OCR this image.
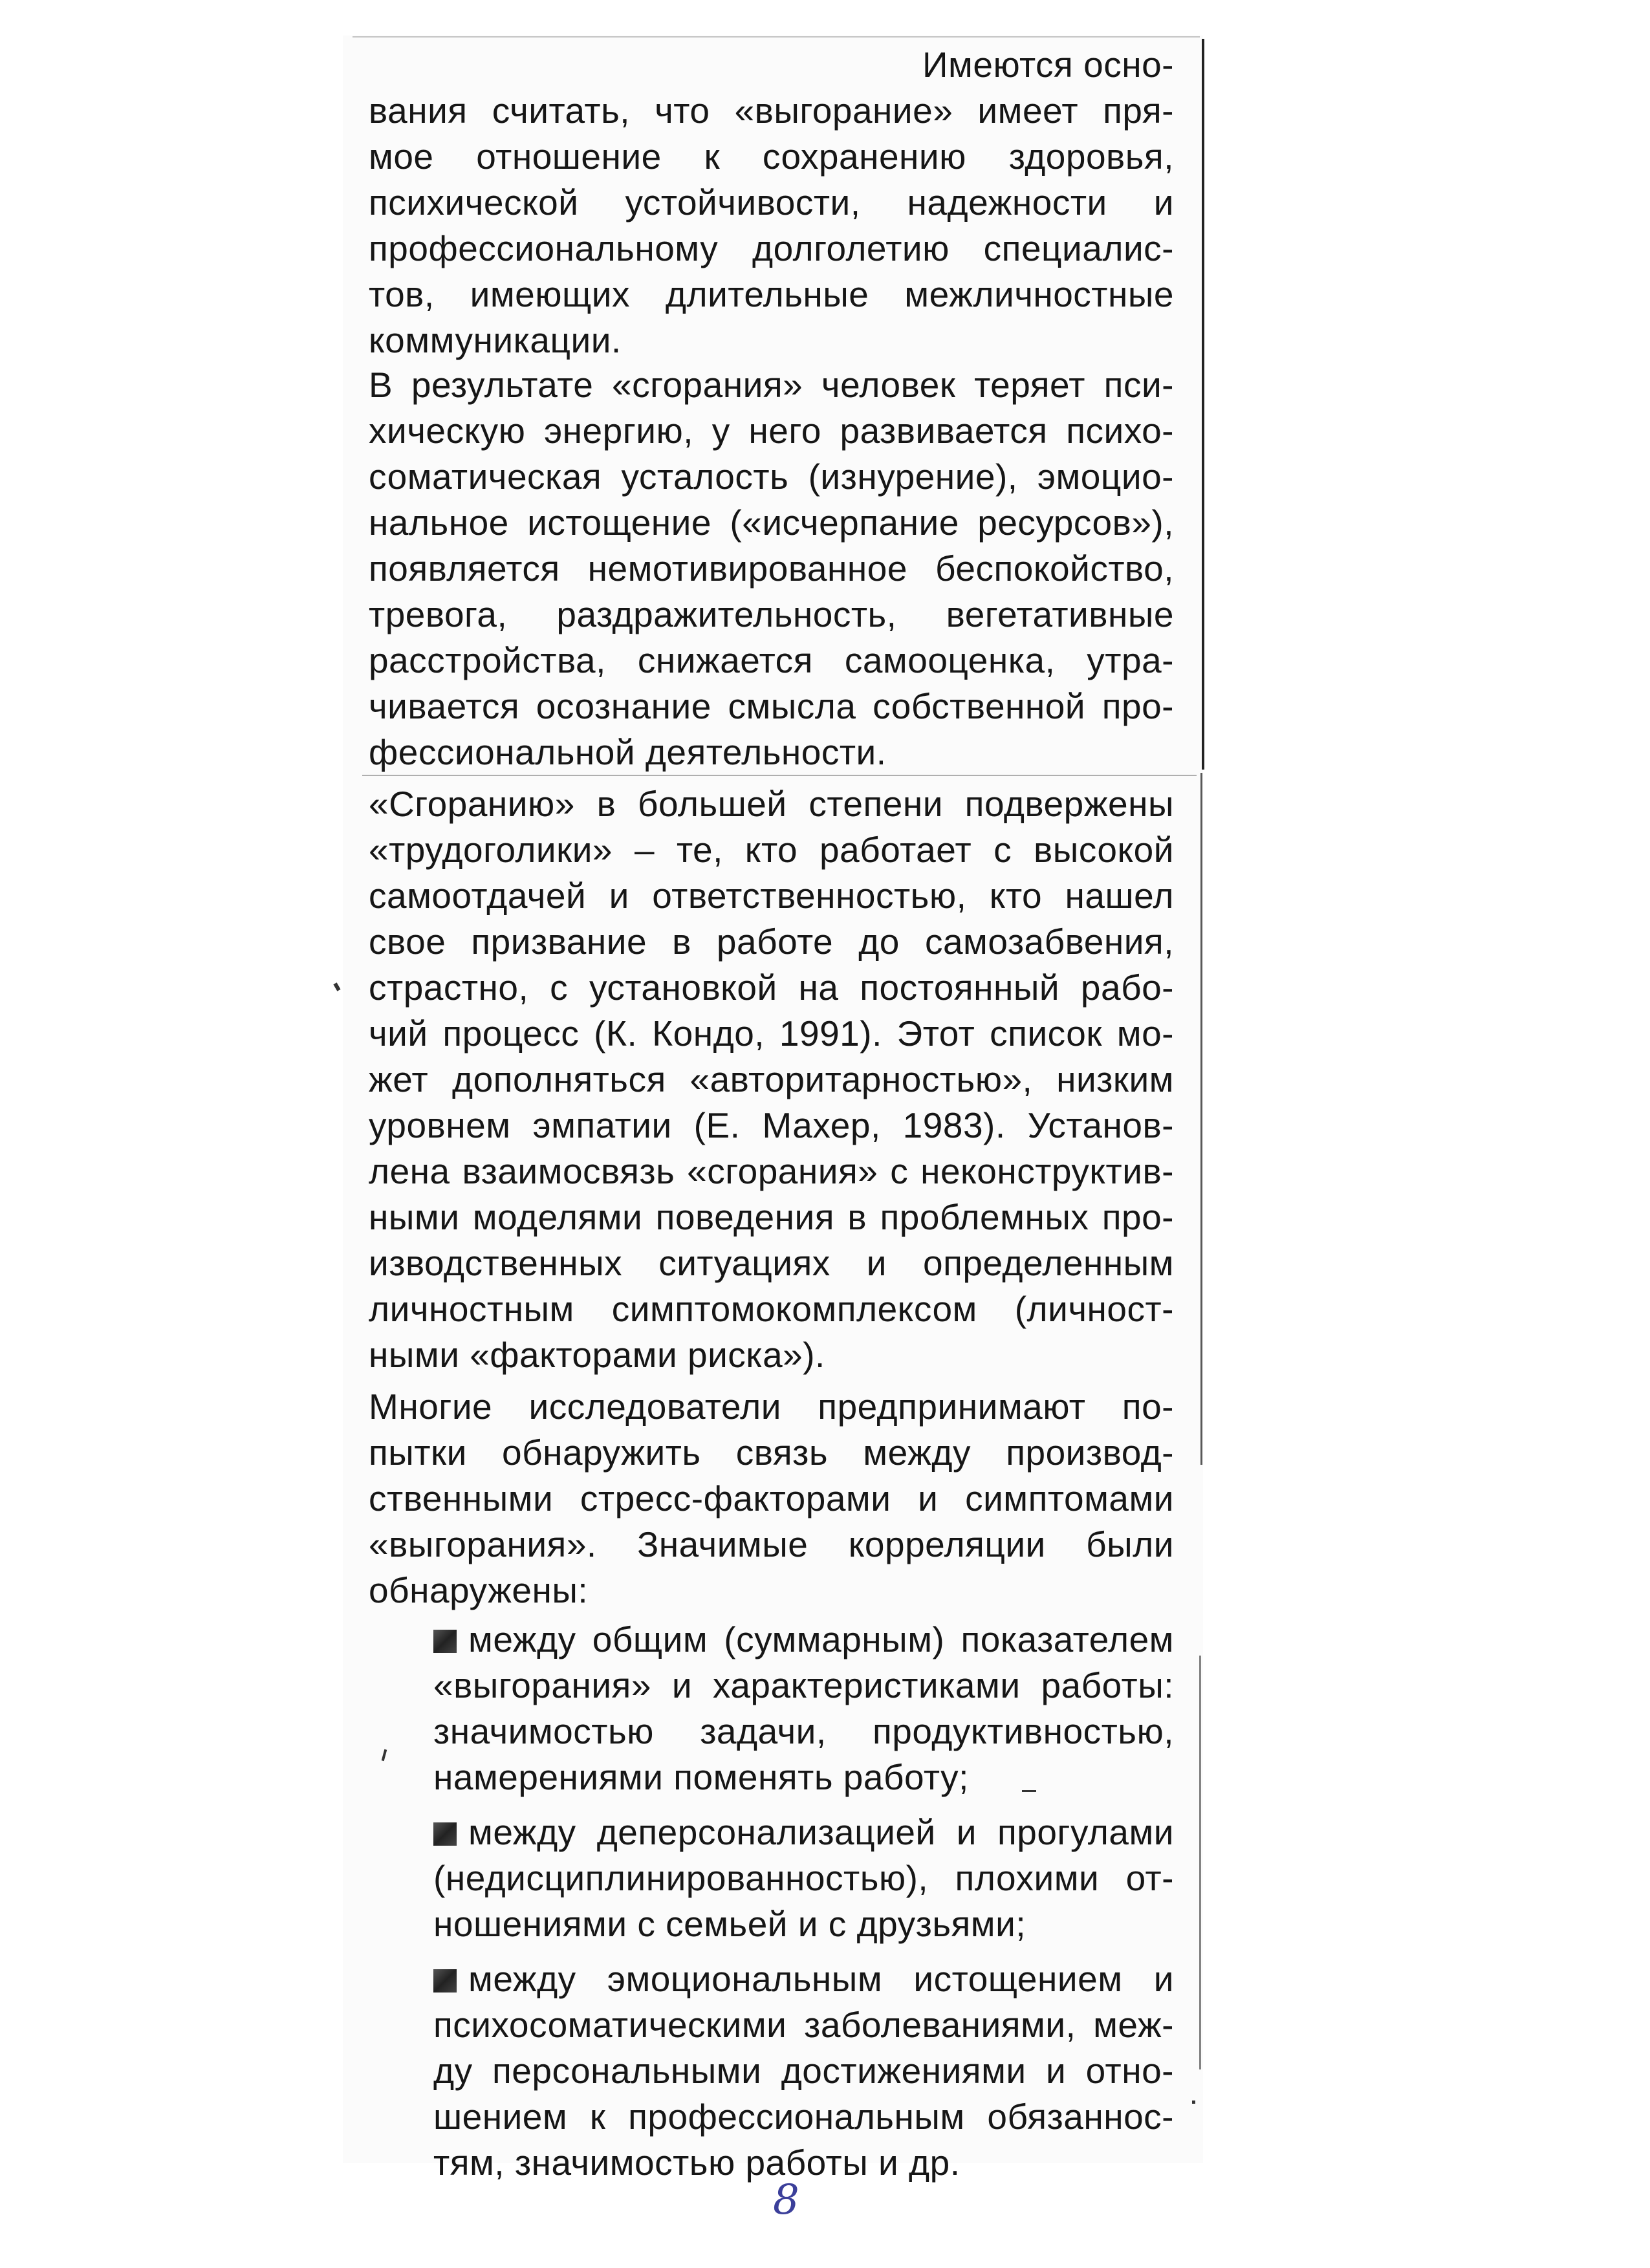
Имеются осно-
вания считать, что «выгорание» имеет пря-
мое отношение к сохранению здоровья,
психической устойчивости, надежности и
профессиональному долголетию специалис-
тов, имеющих длительные межличностные
коммуникации.

В результате «сгорания» человек теряет пси-
хическую энергию, у него развивается психо-
соматическая усталость (изнурение), эмоцио-
нальное истощение («исчерпание ресурсов»),
появляется немотивированное беспокойство,
тревога, раздражительность, вегетативные
расстройства, снижается самооценка, утра-
чивается осознание смысла собственной про-
фессиональной деятельности.

«Сгоранию» в большей степени подвержены
«трудоголики» – те, кто работает с высокой
самоотдачей и ответственностью, кто нашел
свое призвание в работе до самозабвения,
страстно, с установкой на постоянный рабо-
чий процесс (К. Кондо, 1991). Этот список мо-
жет дополняться «авторитарностью», низким
уровнем эмпатии (Е. Махер, 1983). Установ-
лена взаимосвязь «сгорания» с неконструктив-
ными моделями поведения в проблемных про-
изводственных ситуациях и определенным
личностным симптомокомплексом (личност-
ными «факторами риска»).

Многие исследователи предпринимают по-
пытки обнаружить связь между производ-
ственными стресс-факторами и симптомами
«выгорания». Значимые корреляции были
обнаружены:

между общим (суммарным) показателем
«выгорания» и характеристиками работы:
значимостью задачи, продуктивностью,
намерениями поменять работу;
между деперсонализацией и прогулами
(недисциплинированностью), плохими от-
ношениями с семьей и с друзьями;
между эмоциональным истощением и
психосоматическими заболеваниями, меж-
ду персональными достижениями и отно-
шением к профессиональным обязаннос-
тям, значимостью работы и др.
8
